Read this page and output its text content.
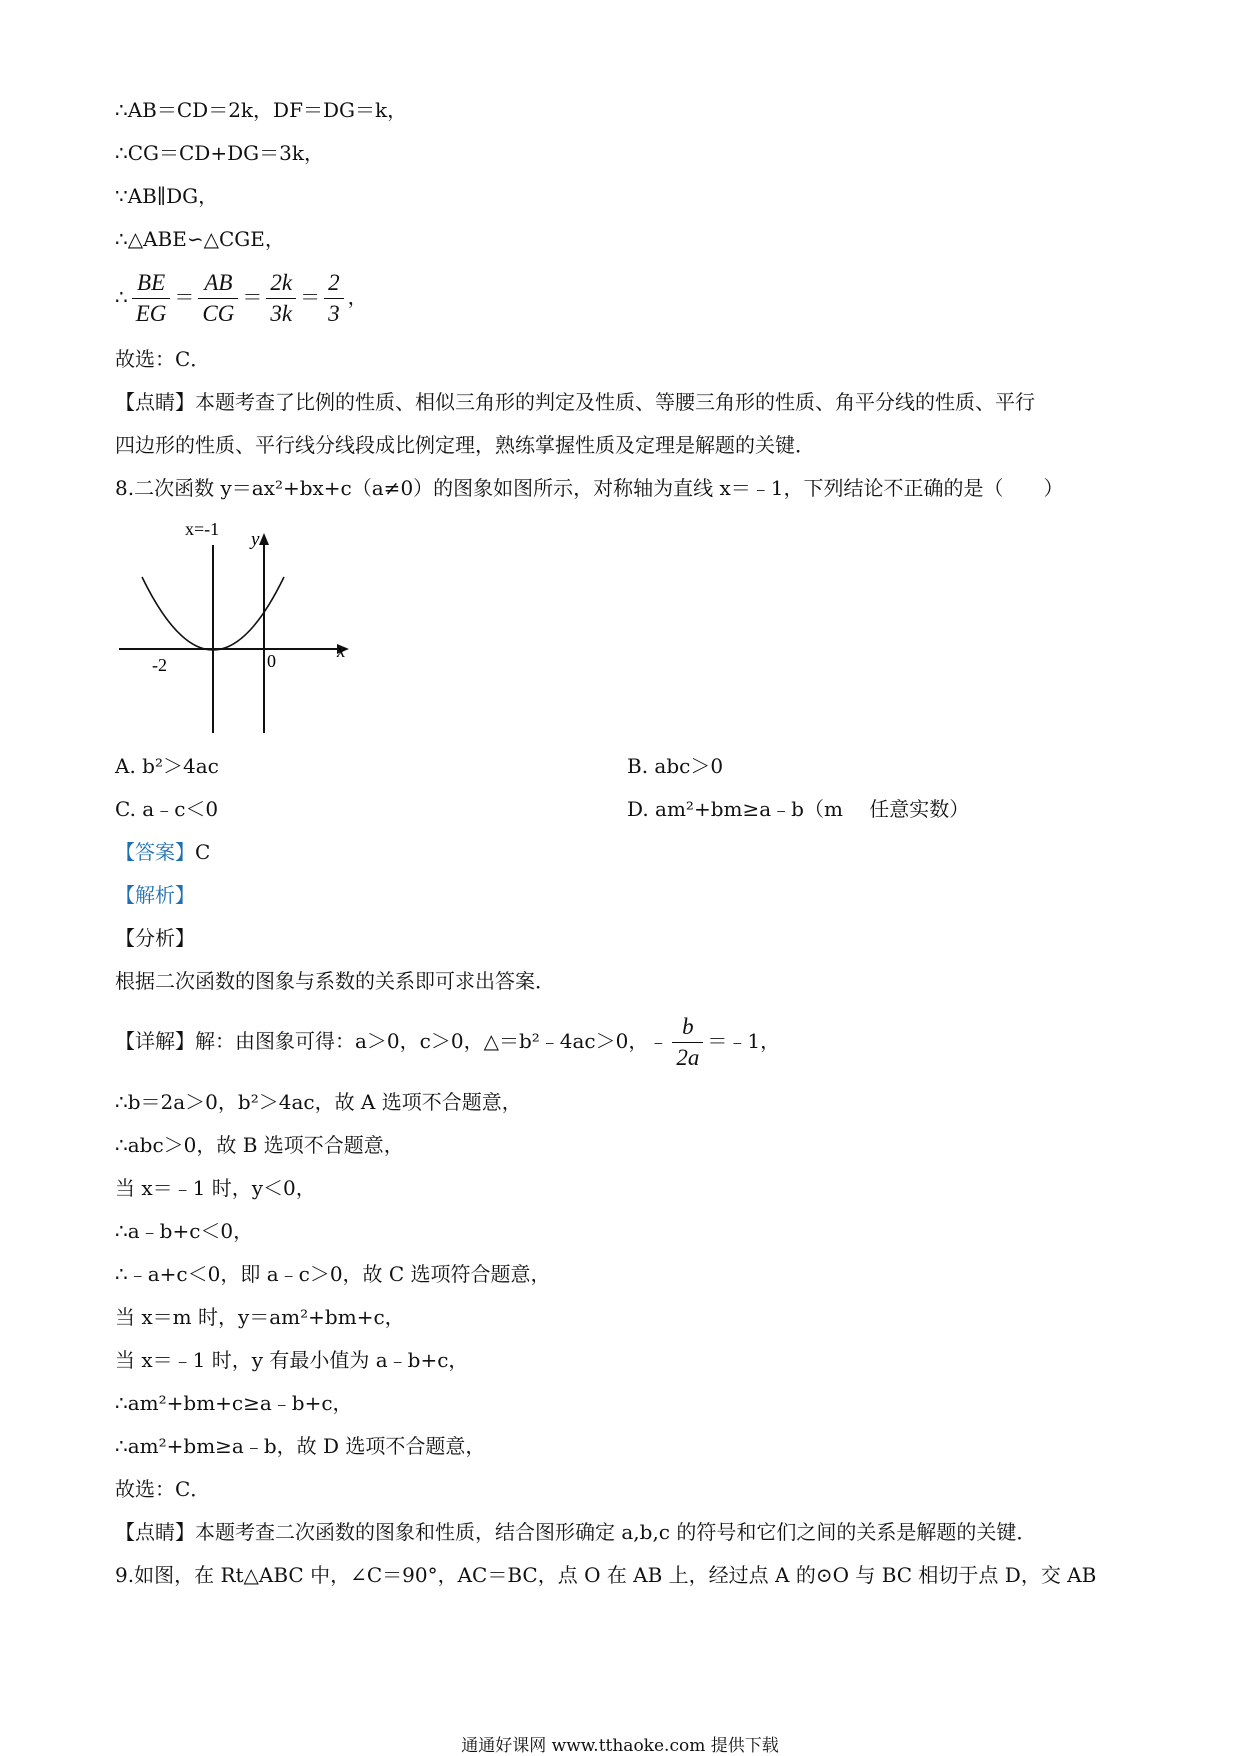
∴AB＝CD＝2k，DF＝DG＝k，
∴CG＝CD+DG＝3k，
∵AB∥DG，
∴△ABE∽△CGE，
∴ $\frac{BE}{EG} = \frac{AB}{CG} = \frac{2k}{3k} = \frac{2}{3}$ ，
故选：C．
【点睛】本题考查了比例的性质、相似三角形的判定及性质、等腰三角形的性质、角平分线的性质、平行
四边形的性质、平行线分线段成比例定理，熟练掌握性质及定理是解题的关键．
8.二次函数 y＝ax²+bx+c（a≠0）的图象如图所示，对称轴为直线 x＝﹣1，下列结论不正确的是（　　）
x=-1 y
x
-2	0
A. b²＞4ac	B. abc＞0
C. a﹣c＜0	D. am²+bm≥a﹣b（m　 任意实数）
【答案】C
【解析】
【分析】
根据二次函数的图象与系数的关系即可求出答案．
【详解】解：由图象可得：a＞0，c＞0，△＝b²﹣4ac＞0，﹣ $\frac{b}{2a}$ ＝﹣1，
∴b＝2a＞0，b²＞4ac，故 A 选项不合题意，
∴abc＞0，故 B 选项不合题意，
当 x＝﹣1 时，y＜0，
∴a﹣b+c＜0，
∴﹣a+c＜0，即 a﹣c＞0，故 C 选项符合题意，
当 x＝m 时，y＝am²+bm+c，
当 x＝﹣1 时，y 有最小值为 a﹣b+c，
∴am²+bm+c≥a﹣b+c，
∴am²+bm≥a﹣b，故 D 选项不合题意，
故选：C．
【点睛】本题考查二次函数的图象和性质，结合图形确定 a,b,c 的符号和它们之间的关系是解题的关键．
9.如图，在 Rt△ABC 中，∠C＝90°，AC＝BC，点 O 在 AB 上，经过点 A 的⊙O 与 BC 相切于点 D，交 AB
通通好课网 www.tthaoke.com 提供下载
